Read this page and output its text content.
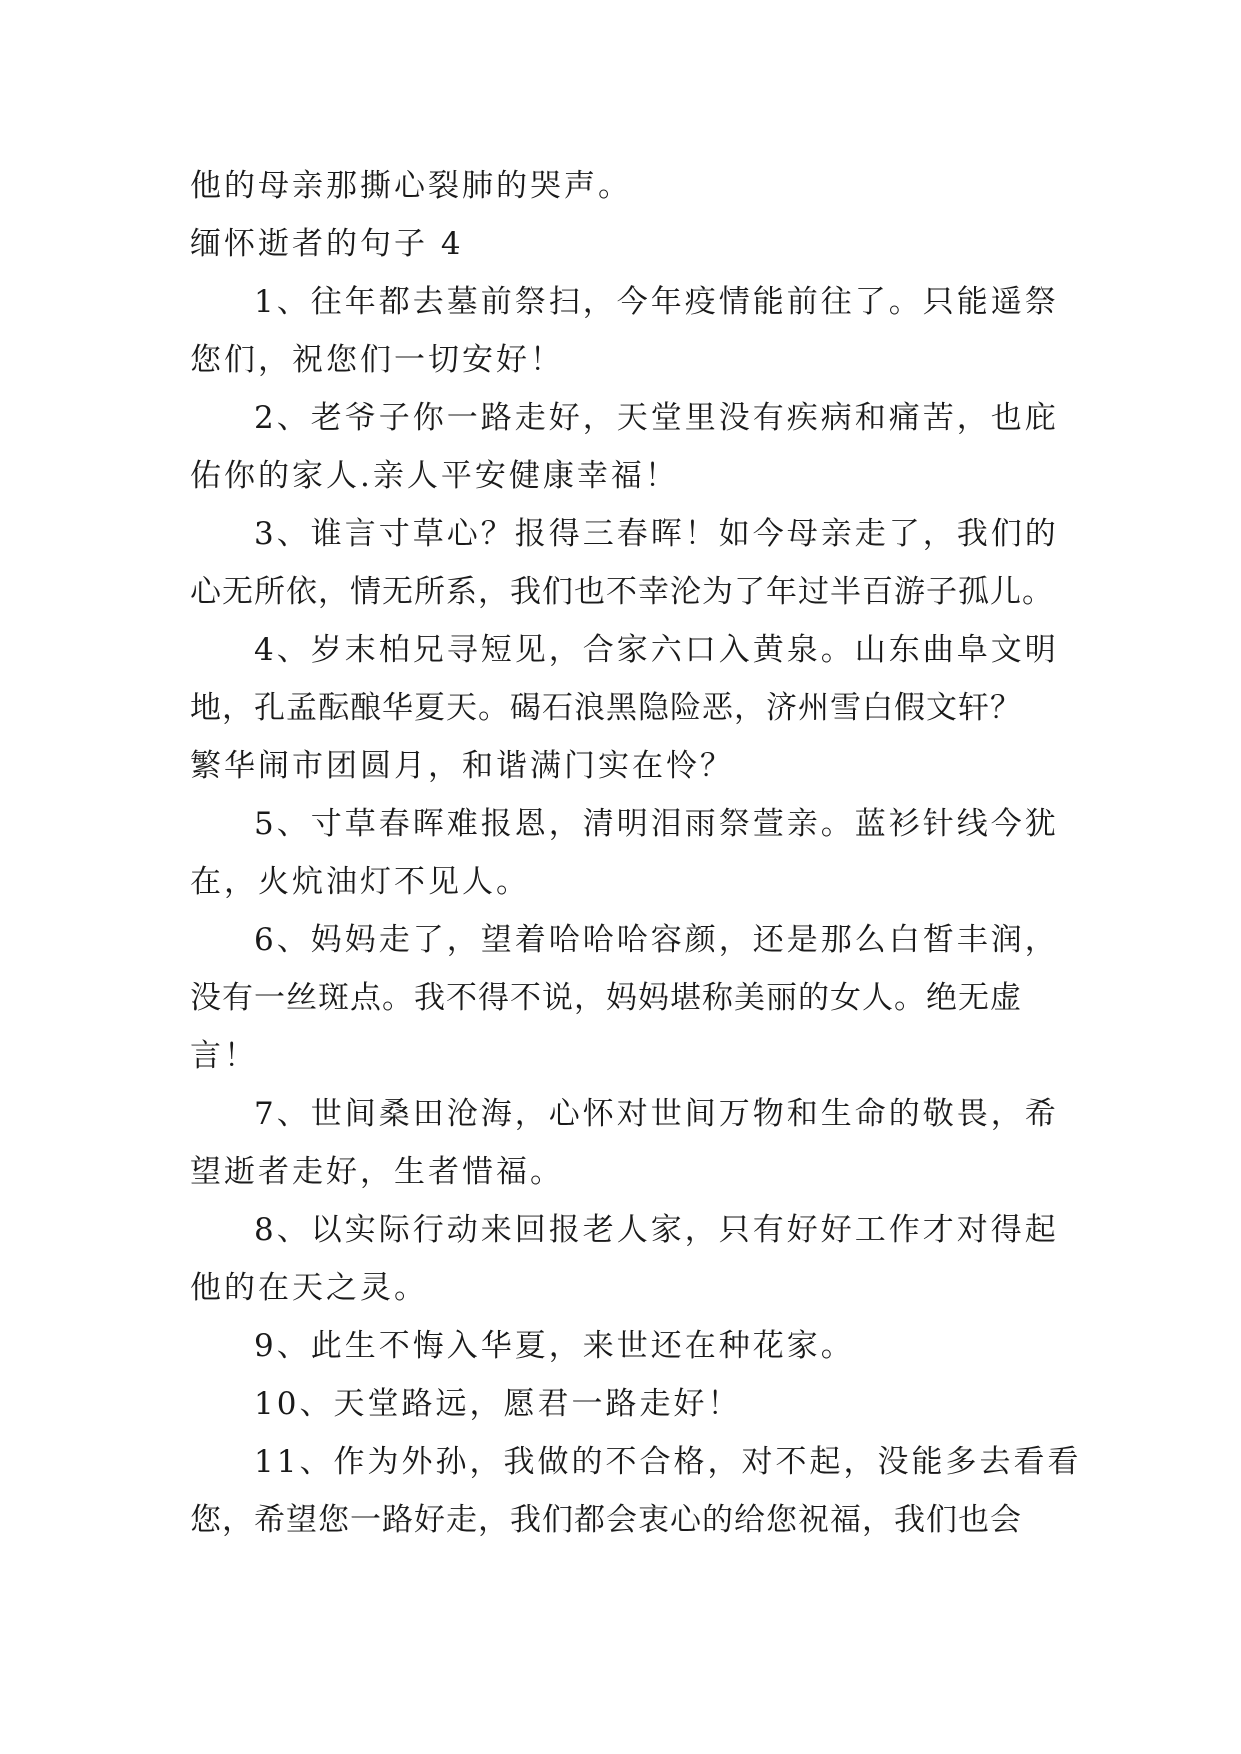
他的母亲那撕心裂肺的哭声。
缅怀逝者的句子 4
1、往年都去墓前祭扫，今年疫情能前往了。只能遥祭
您们，祝您们一切安好！
2、老爷子你一路走好，天堂里没有疾病和痛苦，也庇
佑你的家人.亲人平安健康幸福！
3、谁言寸草心？报得三春晖！如今母亲走了，我们的
心无所依，情无所系，我们也不幸沦为了年过半百游子孤儿。
4、岁末柏兄寻短见，合家六口入黄泉。山东曲阜文明
地，孔孟酝酿华夏天。碣石浪黑隐险恶，济州雪白假文轩？
繁华闹市团圆月，和谐满门实在怜？
5、寸草春晖难报恩，清明泪雨祭萱亲。蓝衫针线今犹
在，火炕油灯不见人。
6、妈妈走了，望着哈哈哈容颜，还是那么白皙丰润，
没有一丝斑点。我不得不说，妈妈堪称美丽的女人。绝无虚
言！
7、世间桑田沧海，心怀对世间万物和生命的敬畏，希
望逝者走好，生者惜福。
8、以实际行动来回报老人家，只有好好工作才对得起
他的在天之灵。
9、此生不悔入华夏，来世还在种花家。
10、天堂路远，愿君一路走好！
11、作为外孙，我做的不合格，对不起，没能多去看看
您，希望您一路好走，我们都会衷心的给您祝福，我们也会
